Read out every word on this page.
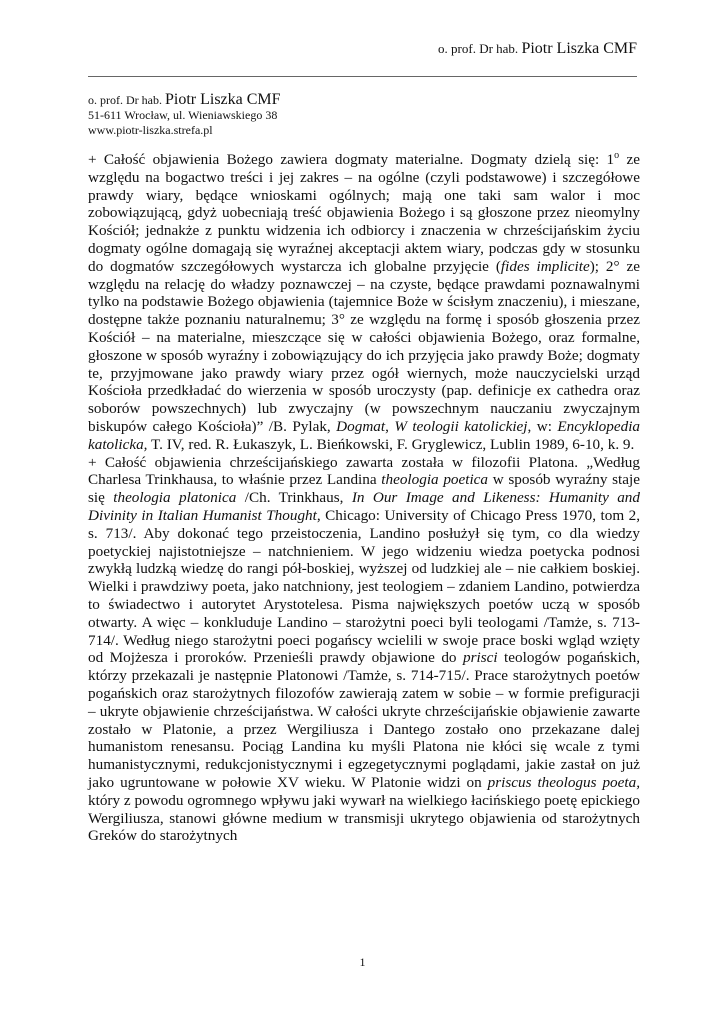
o. prof. Dr hab. Piotr Liszka CMF
o. prof. Dr hab. Piotr Liszka CMF
51-611 Wrocław, ul. Wieniawskiego 38
www.piotr-liszka.strefa.pl

+ Całość objawienia Bożego zawiera dogmaty materialne. Dogmaty dzielą się: 1$^o$ ze względu na bogactwo treści i jej zakres – na ogólne (czyli podstawowe) i szczegółowe prawdy wiary, będące wnioskami ogólnych; mają one taki sam walor i moc zobowiązującą, gdyż uobecniają treść objawienia Bożego i są głoszone przez nieomylny Kościół; jednakże z punktu widzenia ich odbiorcy i znaczenia w chrześcijańskim życiu dogmaty ogólne domagają się wyraźnej akceptacji aktem wiary, podczas gdy w stosunku do dogmatów szczegółowych wystarcza ich globalne przyjęcie (fides implicite); 2° ze względu na relację do władzy poznawczej – na czyste, będące prawdami poznawalnymi tylko na podstawie Bożego objawienia (tajemnice Boże w ścisłym znaczeniu), i mieszane, dostępne także poznaniu naturalnemu; 3° ze względu na formę i sposób głoszenia przez Kościół – na materialne, mieszczące się w całości objawienia Bożego, oraz formalne, głoszone w sposób wyraźny i zobowiązujący do ich przyjęcia jako prawdy Boże; dogmaty te, przyjmowane jako prawdy wiary przez ogół wiernych, może nauczycielski urząd Kościoła przedkładać do wierzenia w sposób uroczysty (pap. definicje ex cathedra oraz soborów powszechnych) lub zwyczajny (w powszechnym nauczaniu zwyczajnym biskupów całego Kościoła)” /B. Pylak, Dogmat, W teologii katolickiej, w: Encyklopedia katolicka, T. IV, red. R. Łukaszyk, L. Bieńkowski, F. Gryglewicz, Lublin 1989, 6-10, k. 9.

+ Całość objawienia chrześcijańskiego zawarta została w filozofii Platona. „Według Charlesa Trinkhausa, to właśnie przez Landina theologia poetica w sposób wyraźny staje się theologia platonica /Ch. Trinkhaus, In Our Image and Likeness: Humanity and Divinity in Italian Humanist Thought, Chicago: University of Chicago Press 1970, tom 2, s. 713/. Aby dokonać tego przeistoczenia, Landino posłużył się tym, co dla wiedzy poetyckiej najistotniejsze – natchnieniem. W jego widzeniu wiedza poetycka podnosi zwykłą ludzką wiedzę do rangi pół-boskiej, wyższej od ludzkiej ale – nie całkiem boskiej. Wielki i prawdziwy poeta, jako natchniony, jest teologiem – zdaniem Landino, potwierdza to świadectwo i autorytet Arystotelesa. Pisma największych poetów uczą w sposób otwarty. A więc – konkluduje Landino – starożytni poeci byli teologami /Tamże, s. 713-714/. Według niego starożytni poeci pogańscy wcielili w swoje prace boski wgląd wzięty od Mojżesza i proroków. Przenieśli prawdy objawione do prisci teologów pogańskich, którzy przekazali je następnie Platonowi /Tamże, s. 714-715/. Prace starożytnych poetów pogańskich oraz starożytnych filozofów zawierają zatem w sobie – w formie prefiguracji – ukryte objawienie chrześcijaństwa. W całości ukryte chrześcijańskie objawienie zawarte zostało w Platonie, a przez Wergiliusza i Dantego zostało ono przekazane dalej humanistom renesansu. Pociąg Landina ku myśli Platona nie kłóci się wcale z tymi humanistycznymi, redukcjonistycznymi i egzegetycznymi poglądami, jakie zastał on już jako ugruntowane w połowie XV wieku. W Platonie widzi on priscus theologus poeta, który z powodu ogromnego wpływu jaki wywarł na wielkiego łacińskiego poetę epickiego Wergiliusza, stanowi główne medium w transmisji ukrytego objawienia od starożytnych Greków do starożytnych

1
